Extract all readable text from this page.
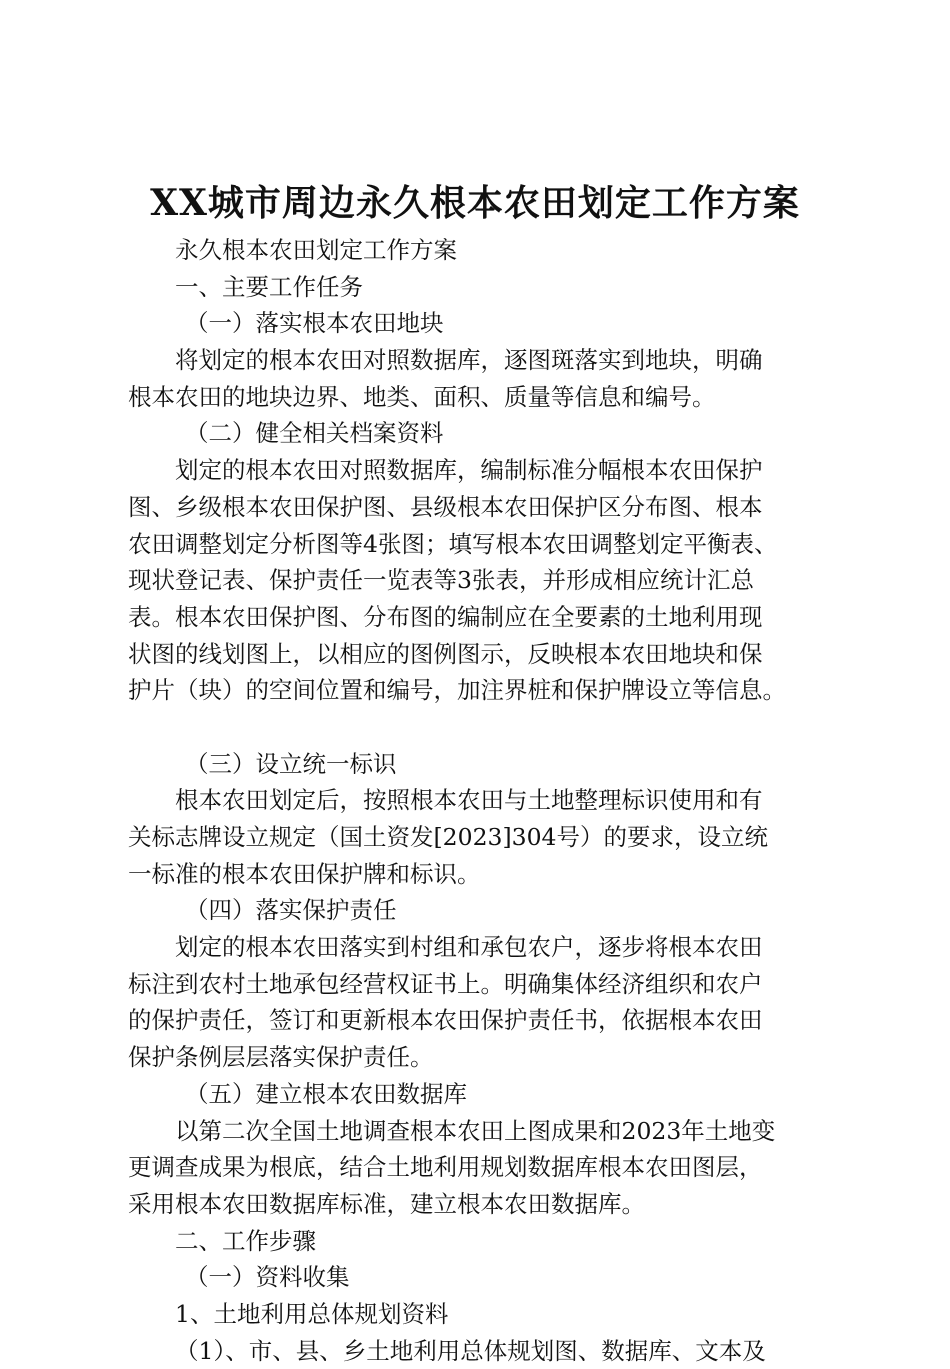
XX城市周边永久根本农田划定工作方案
永久根本农田划定工作方案
一、主要工作任务
（一）落实根本农田地块
将划定的根本农田对照数据库，逐图斑落实到地块，明确
根本农田的地块边界、地类、面积、质量等信息和编号。
（二）健全相关档案资料
划定的根本农田对照数据库，编制标准分幅根本农田保护
图、乡级根本农田保护图、县级根本农田保护区分布图、根本
农田调整划定分析图等4张图；填写根本农田调整划定平衡表、
现状登记表、保护责任一览表等3张表，并形成相应统计汇总
表。根本农田保护图、分布图的编制应在全要素的土地利用现
状图的线划图上，以相应的图例图示，反映根本农田地块和保
护片（块）的空间位置和编号，加注界桩和保护牌设立等信息。
（三）设立统一标识
根本农田划定后，按照根本农田与土地整理标识使用和有
关标志牌设立规定（国土资发[2023]304号）的要求，设立统
一标准的根本农田保护牌和标识。
（四）落实保护责任
划定的根本农田落实到村组和承包农户，逐步将根本农田
标注到农村土地承包经营权证书上。明确集体经济组织和农户
的保护责任，签订和更新根本农田保护责任书，依据根本农田
保护条例层层落实保护责任。
（五）建立根本农田数据库
以第二次全国土地调查根本农田上图成果和2023年土地变
更调查成果为根底，结合土地利用规划数据库根本农田图层，
采用根本农田数据库标准，建立根本农田数据库。
二、工作步骤
（一）资料收集
1、土地利用总体规划资料
（1）、市、县、乡土地利用总体规划图、数据库、文本及
